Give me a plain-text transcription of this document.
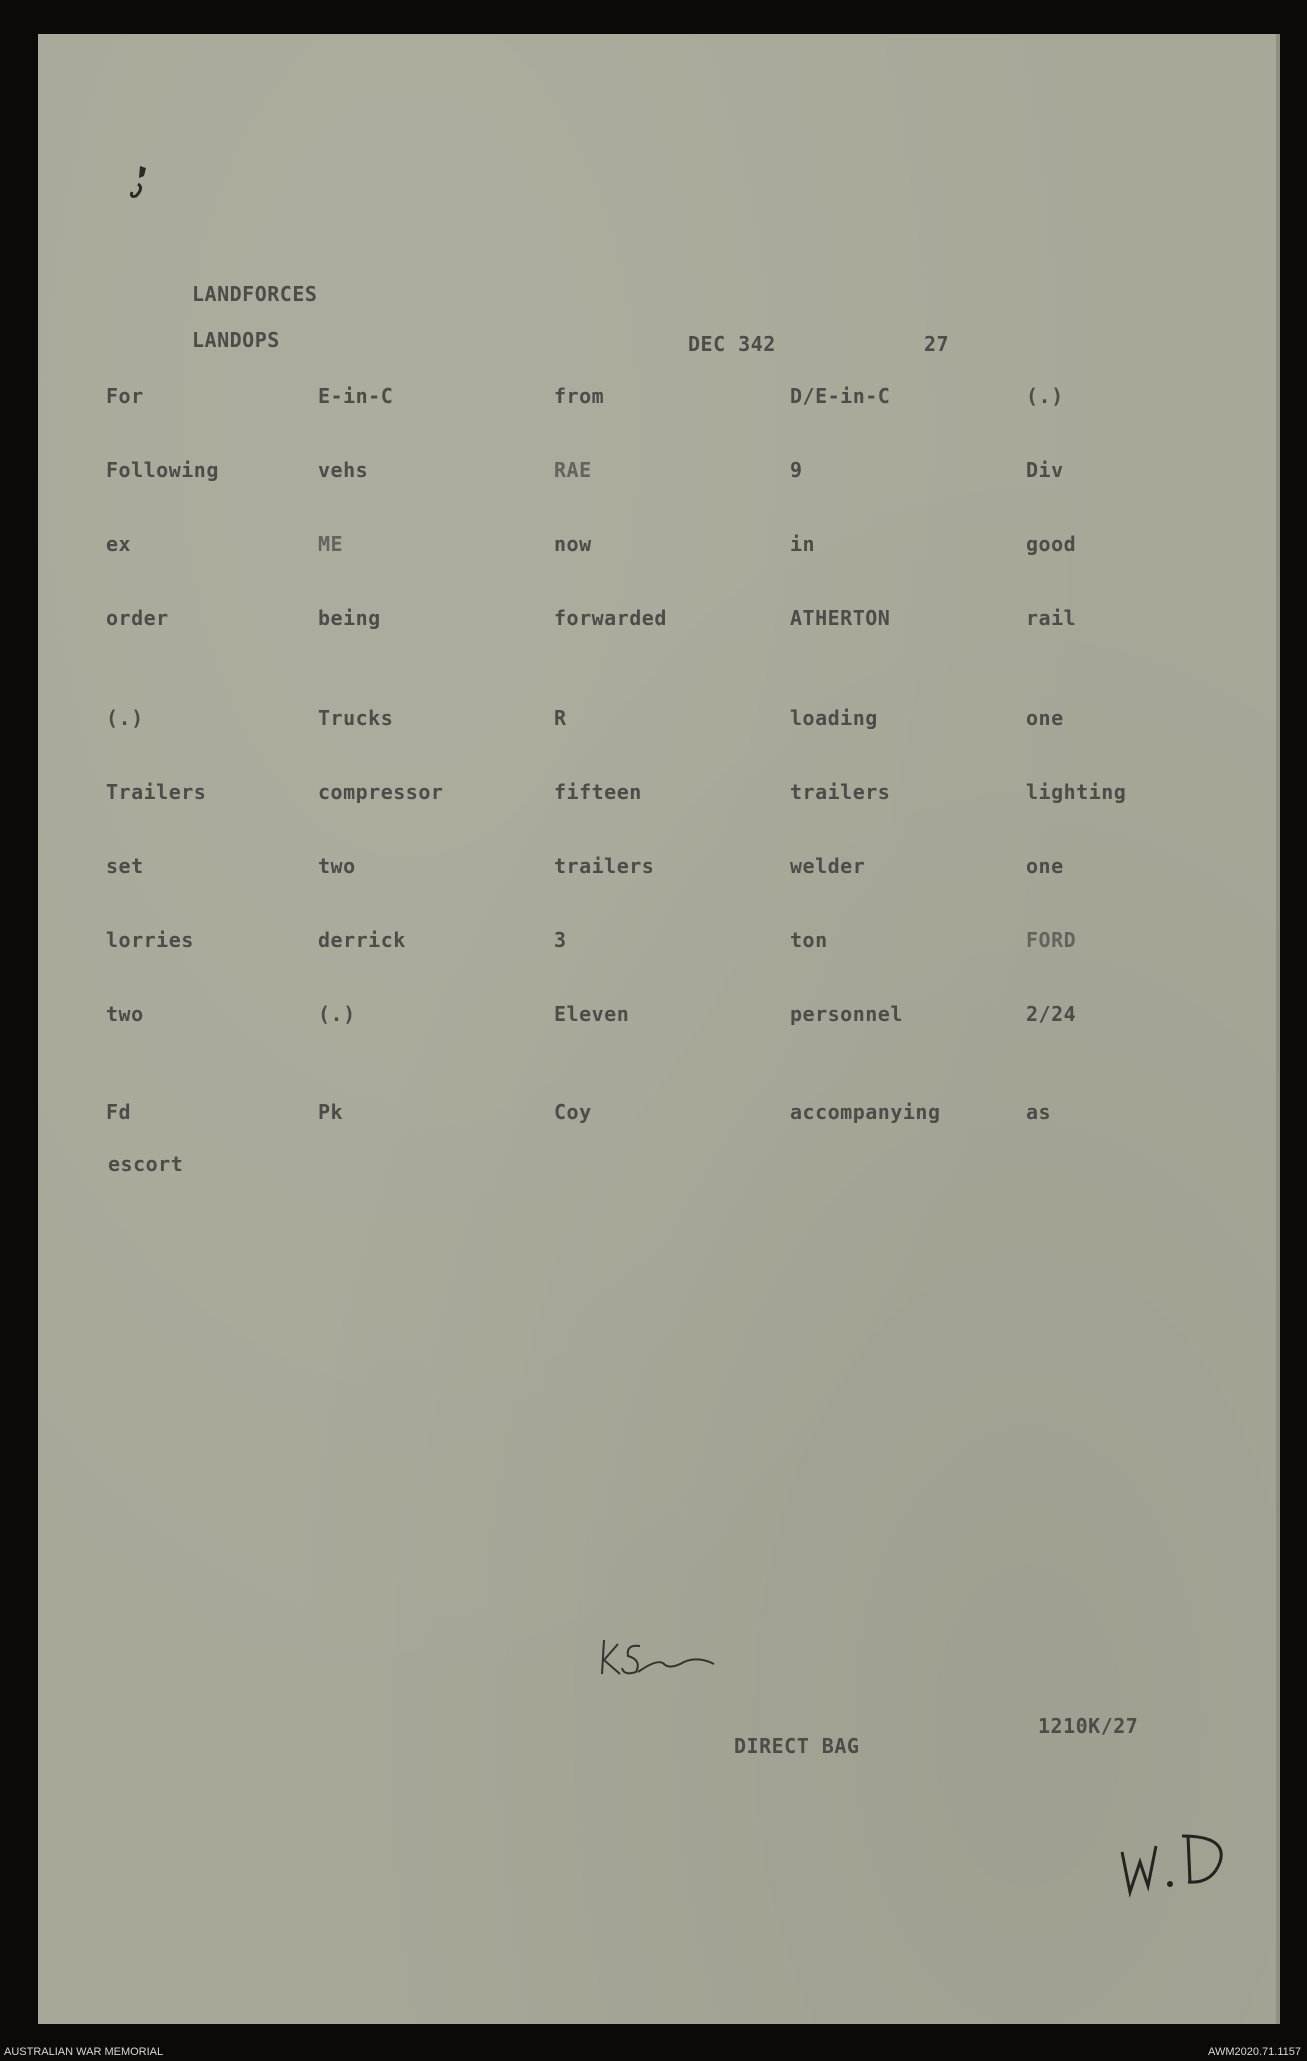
LANDFORCES
LANDOPS	DEC 342	27
For	E-in-C	from	D/E-in-C	(.)
Following	vehs	RAE	9	Div
ex	ME	now	in	good
order	being	forwarded	ATHERTON	rail
(.)	Trucks	R	loading	one
Trailers	compressor	fifteen	trailers	lighting
set	two	trailers	welder	one
lorries	derrick	3	ton	FORD
two	(.)	Eleven	personnel	2/24
Fd	Pk	Coy	accompanying	as
escort
DIRECT BAG
1210K/27
AUSTRALIAN WAR MEMORIAL	AWM2020.71.1157
